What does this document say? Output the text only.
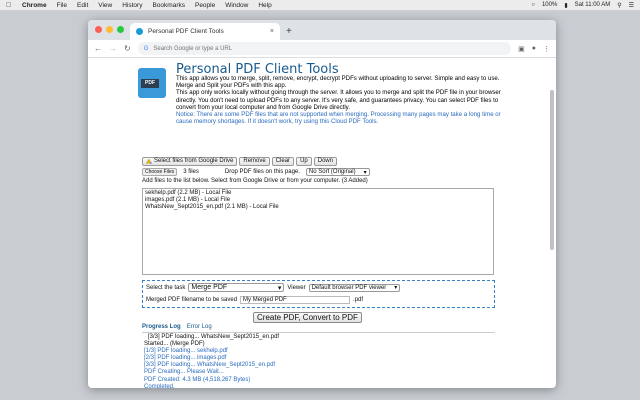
Chrome File Edit View History Bookmarks People Window Help	○ 100% ▮ Sat 11:00 AM ⚲ ☰
Personal PDF Client Tools	× +
← → ↻ G Search Google or type a URL	▣ ● ⋮
PDF
Personal PDF Client Tools

This app allows you to merge, split, remove, encrypt, decrypt PDFs without uploading to server. Simple and easy to use. Merge and Split your PDFs with this app.

This app only works locally without going through the server. It allows you to merge and split the PDF file in your browser directly. You don't need to upload PDFs to any server. It's very safe, and guarantees privacy. You can select PDF files to convert from your local computer and from Google Drive directly.

Notice: There are some PDF files that are not supported when merging. Processing many pages may take a long time or cause memory shortages. If it doesn't work, try using this Cloud PDF Tools.

Select files from Google Drive	Remove	Clear	Up	Down
Choose Files	3 files	Drop PDF files on this page. No Sort (Original) ▾
Add files to the list below. Select from Google Drive or from your computer. (3 Added)
sekhelp.pdf (2.2 MB) - Local File
images.pdf (2.1 MB) - Local File
WhatsNew_Sept2015_en.pdf (2.1 MB) - Local File
Select the task Merge PDF	▾ Viewer Default browser PDF viewer ▾
Merged PDF filename to be saved	My Merged PDF	.pdf
Create PDF, Convert to PDF
Progress Log Error Log
[3/3] PDF loading... WhatsNew_Sept2015_en.pdf
Started... (Merge PDF)
[1/3] PDF loading... sekhelp.pdf
[2/3] PDF loading... images.pdf
[3/3] PDF loading... WhatsNew_Sept2015_en.pdf
PDF Creating... Please Wait...
PDF Created: 4.3 MB (4,518,267 Bytes)
Completed.
